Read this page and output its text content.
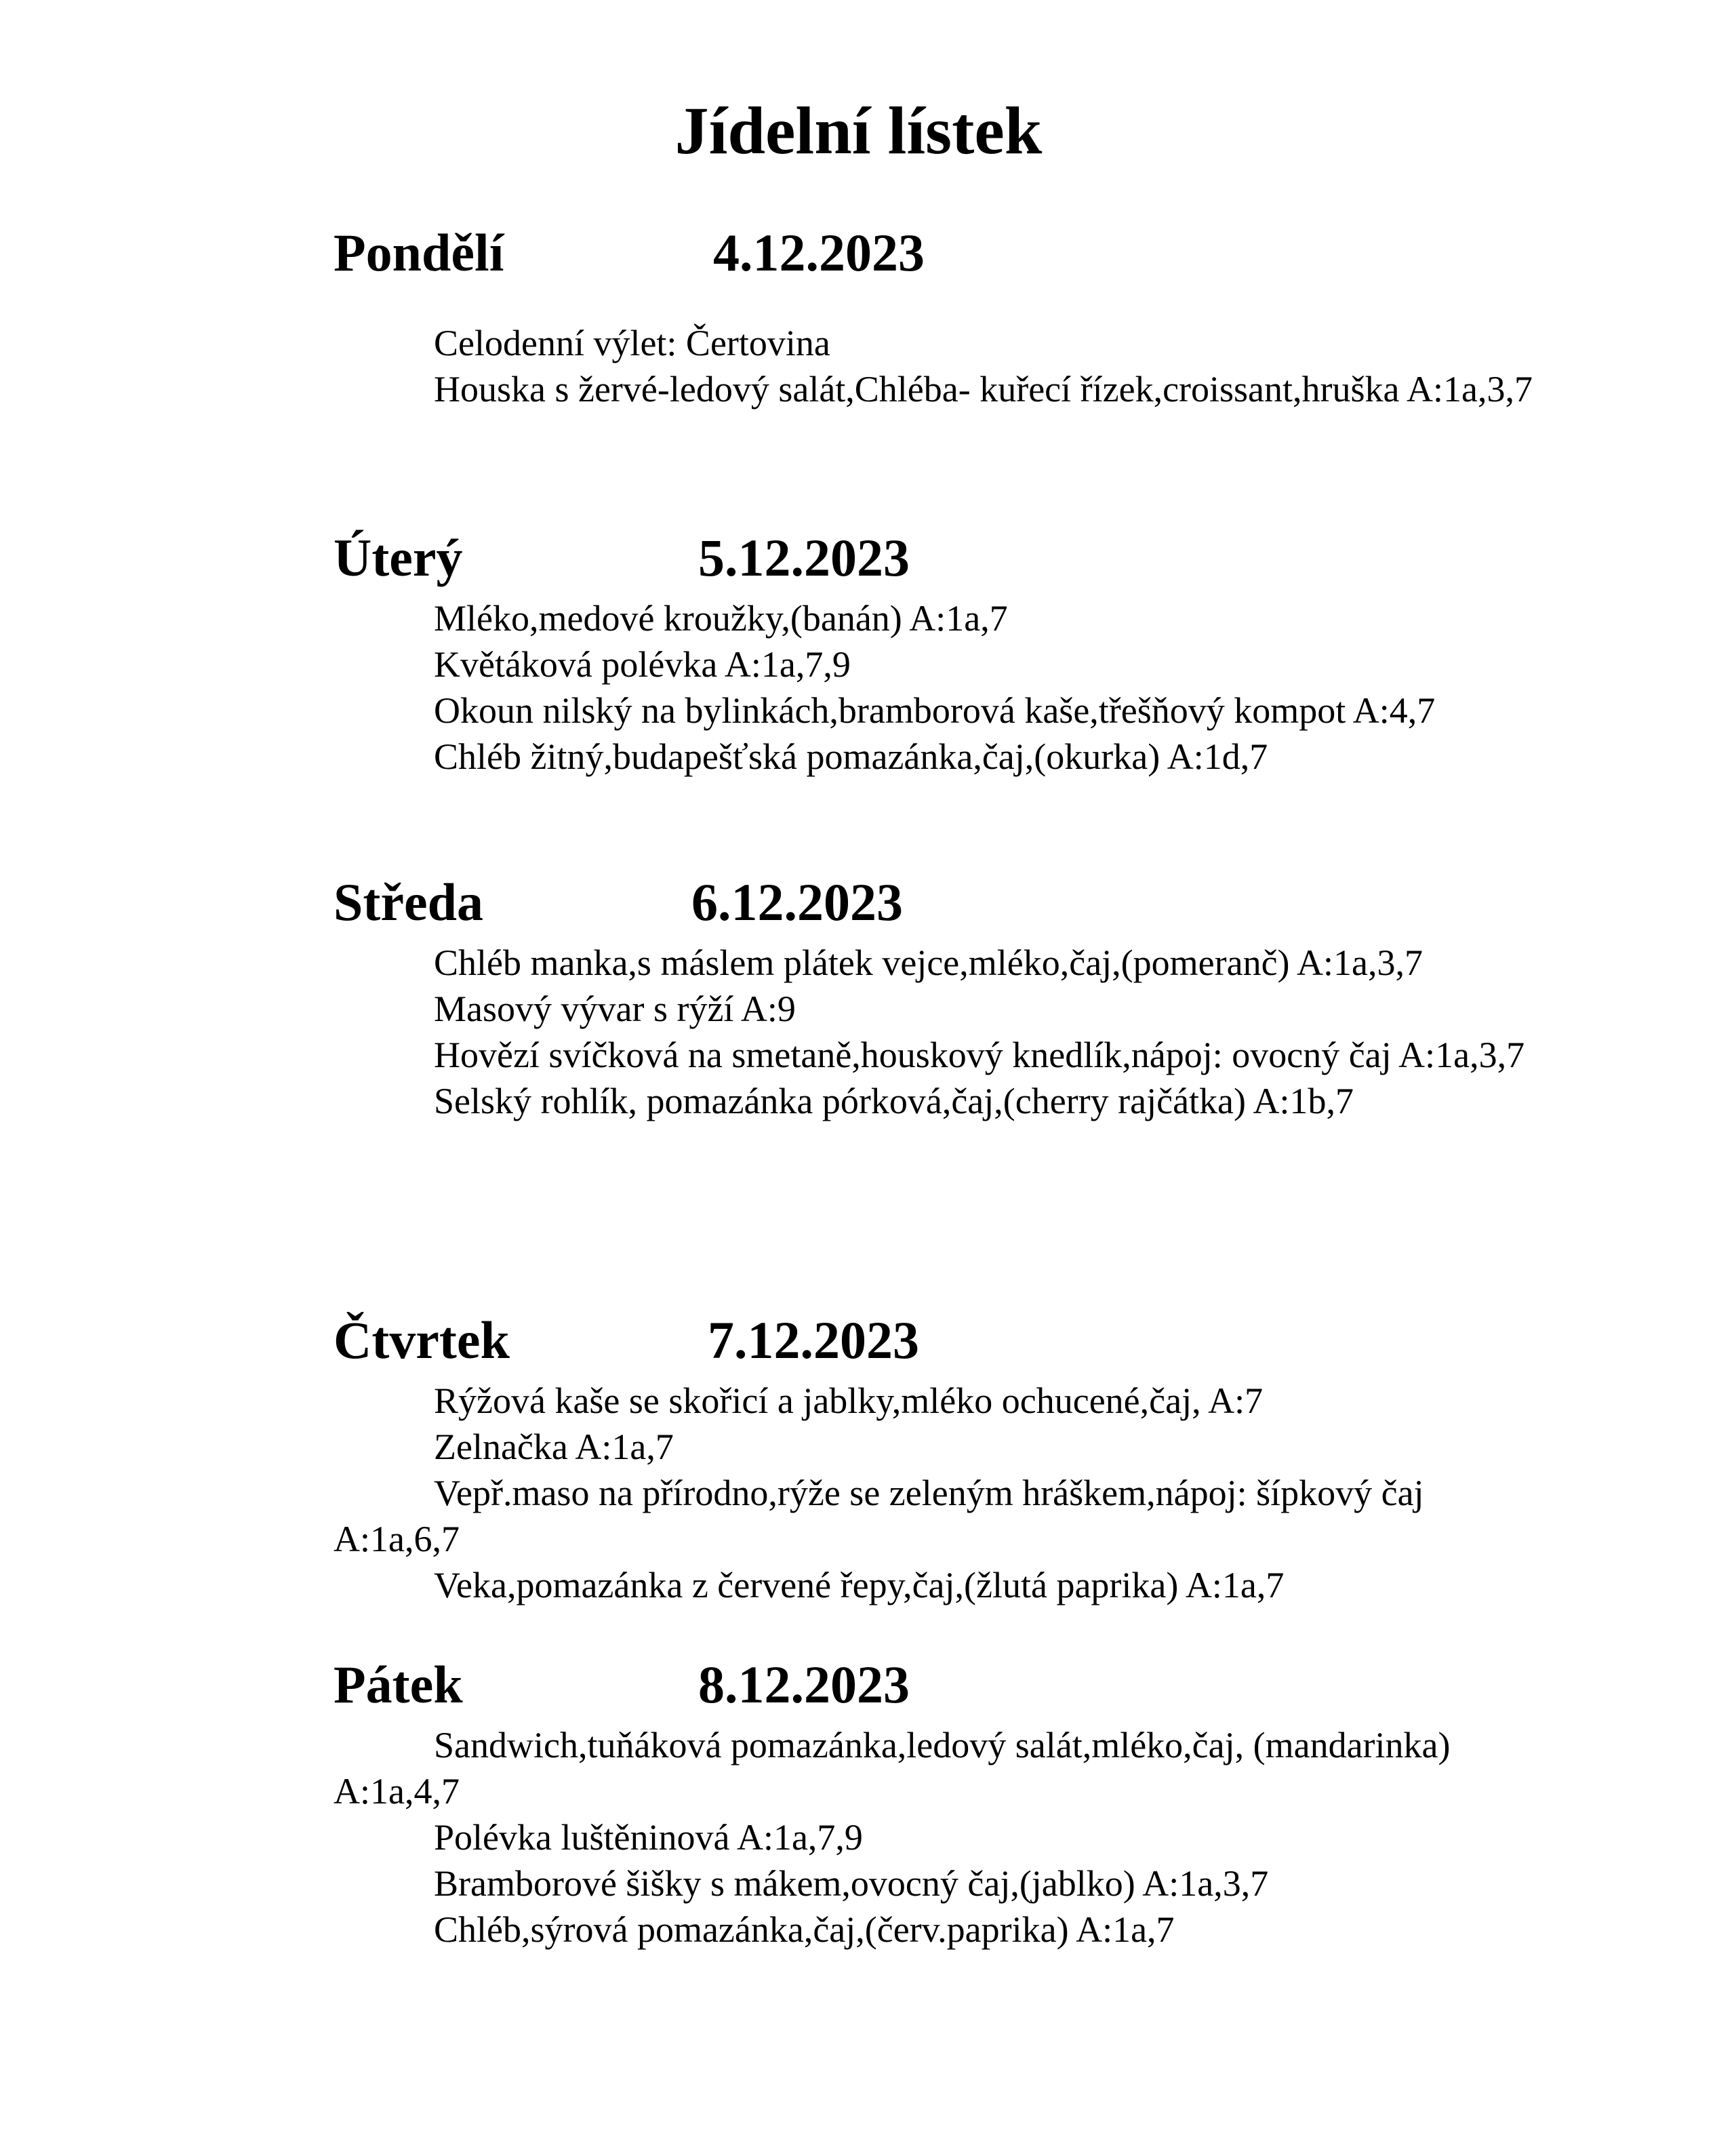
Jídelní lístek
Pondělí	4.12.2023
Celodenní výlet: Čertovina
Houska s žervé-ledový salát,Chléba- kuřecí řízek,croissant,hruška A:1a,3,7
Úterý	5.12.2023
Mléko,medové kroužky,(banán) A:1a,7
Květáková polévka A:1a,7,9
Okoun nilský na bylinkách,bramborová kaše,třešňový kompot A:4,7
Chléb žitný,budapešťská pomazánka,čaj,(okurka) A:1d,7
Středa	6.12.2023
Chléb manka,s máslem plátek vejce,mléko,čaj,(pomeranč) A:1a,3,7
Masový vývar s rýží A:9
Hovězí svíčková na smetaně,houskový knedlík,nápoj: ovocný čaj A:1a,3,7
Selský rohlík, pomazánka pórková,čaj,(cherry rajčátka) A:1b,7
Čtvrtek	7.12.2023
Rýžová kaše se skořicí a jablky,mléko ochucené,čaj, A:7
Zelnačka A:1a,7
Vepř.maso na přírodno,rýže se zeleným hráškem,nápoj: šípkový čaj A:1a,6,7
Veka,pomazánka z červené řepy,čaj,(žlutá paprika) A:1a,7
Pátek	8.12.2023
Sandwich,tuňáková pomazánka,ledový salát,mléko,čaj, (mandarinka) A:1a,4,7
Polévka luštěninová A:1a,7,9
Bramborové šišky s mákem,ovocný čaj,(jablko) A:1a,3,7
Chléb,sýrová pomazánka,čaj,(červ.paprika) A:1a,7
